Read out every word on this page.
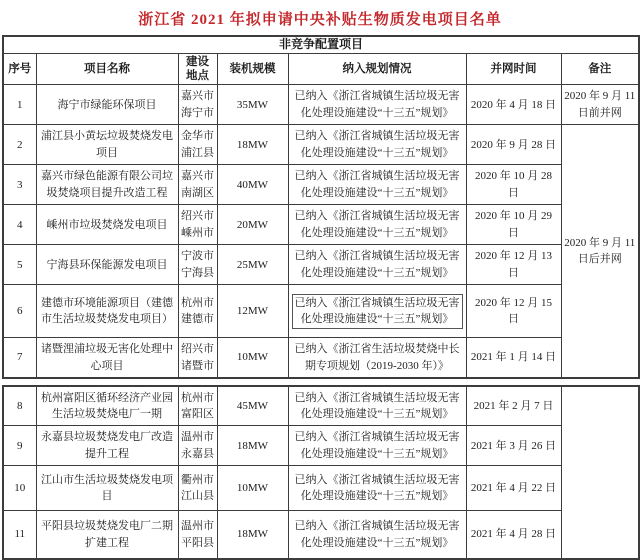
浙江省 2021 年拟申请中央补贴生物质发电项目名单
非竞争配置项目						
序号	项目名称	建设地点	装机规模	纳入规划情况	并网时间	备注
1	海宁市绿能环保项目	嘉兴市海宁市	35MW	已纳入《浙江省城镇生活垃圾无害化处理设施建设“十三五”规划》	2020 年 4 月 18 日	2020 年 9 月 11 日前并网
2	浦江县小黄坛垃圾焚烧发电项目	金华市浦江县	18MW	已纳入《浙江省城镇生活垃圾无害化处理设施建设“十三五”规划》	2020 年 9 月 28 日	2020 年 9 月 11 日后并网
3	嘉兴市绿色能源有限公司垃圾焚烧项目提升改造工程	嘉兴市南湖区	40MW	已纳入《浙江省城镇生活垃圾无害化处理设施建设“十三五”规划》	2020 年 10 月 28 日	
4	嵊州市垃圾焚烧发电项目	绍兴市嵊州市	20MW	已纳入《浙江省城镇生活垃圾无害化处理设施建设“十三五”规划》	2020 年 10 月 29 日	
5	宁海县环保能源发电项目	宁波市宁海县	25MW	已纳入《浙江省城镇生活垃圾无害化处理设施建设“十三五”规划》	2020 年 12 月 13 日	
6	建德市环境能源项目（建德市生活垃圾焚烧发电项目）	杭州市建德市	12MW	已纳入《浙江省城镇生活垃圾无害化处理设施建设“十三五”规划》	2020 年 12 月 15 日	
7	诸暨浬浦垃圾无害化处理中心项目	绍兴市诸暨市	10MW	已纳入《浙江省生活垃圾焚烧中长期专项规划（2019-2030 年）》	2021 年 1 月 14 日	
8	杭州富阳区循环经济产业园生活垃圾焚烧电厂一期	杭州市富阳区	45MW	已纳入《浙江省城镇生活垃圾无害化处理设施建设“十三五”规划》	2021 年 2 月 7 日	
9	永嘉县垃圾焚烧发电厂改造提升工程	温州市永嘉县	18MW	已纳入《浙江省城镇生活垃圾无害化处理设施建设“十三五”规划》	2021 年 3 月 26 日	
10	江山市生活垃圾焚烧发电项目	衢州市江山县	10MW	已纳入《浙江省城镇生活垃圾无害化处理设施建设“十三五”规划》	2021 年 4 月 22 日	
11	平阳县垃圾焚烧发电厂二期扩建工程	温州市平阳县	18MW	已纳入《浙江省城镇生活垃圾无害化处理设施建设“十三五”规划》	2021 年 4 月 28 日	
